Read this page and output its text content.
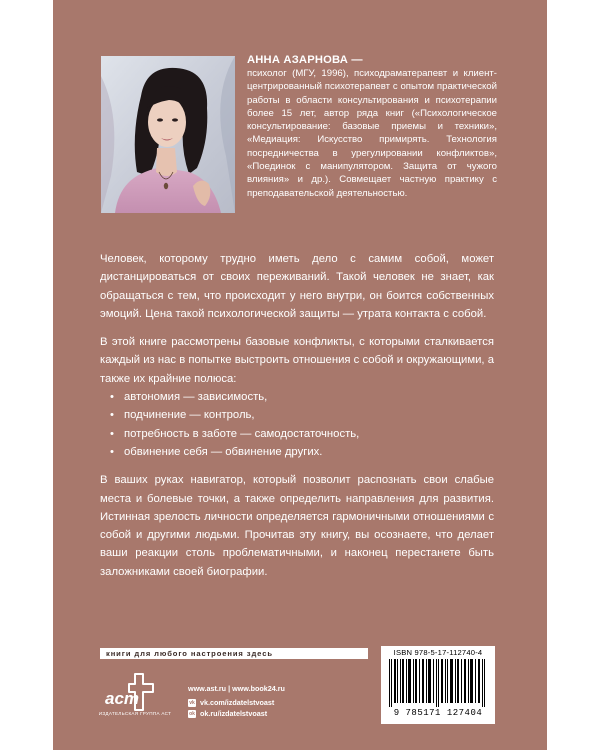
АННА АЗАРНОВА —
психолог (МГУ, 1996), психодраматерапевт и клиент-центрированный психотерапевт с опытом практической работы в области консультирования и психотерапии более 15 лет, автор ряда книг («Психологическое консультирование: базовые приемы и техники», «Медиация: Искусство примирять. Технология посредничества в урегулировании конфликтов», «Поединок с манипулятором. Защита от чужого влияния» и др.). Совмещает частную практику с преподавательской деятельностью.

Человек, которому трудно иметь дело с самим собой, может дистанцироваться от своих переживаний. Такой человек не знает, как обращаться с тем, что происходит у него внутри, он боится собственных эмоций. Цена такой психологической защиты — утрата контакта с собой.

В этой книге рассмотрены базовые конфликты, с которыми сталкивается каждый из нас в попытке выстроить отношения с собой и окружающими, а также их крайние полюса:

• автономия — зависимость,
• подчинение — контроль,
• потребность в заботе — самодостаточность,
• обвинение себя — обвинение других.

В ваших руках навигатор, который позволит распознать свои слабые места и болевые точки, а также определить направления для развития. Истинная зрелость личности определяется гармоничными отношениями с собой и другими людьми. Прочитав эту книгу, вы осознаете, что делает ваши реакции столь проблематичными, и наконец перестанете быть заложниками своей биографии.

книги для любого настроения здесь
аст
ИЗДАТЕЛЬСКАЯ ГРУППА АСТ
www.ast.ru | www.book24.ru
vk vk.com/izdatelstvoast
ok ok.ru/izdatelstvoast
ISBN 978-5-17-112740-4
9 785171 127404
